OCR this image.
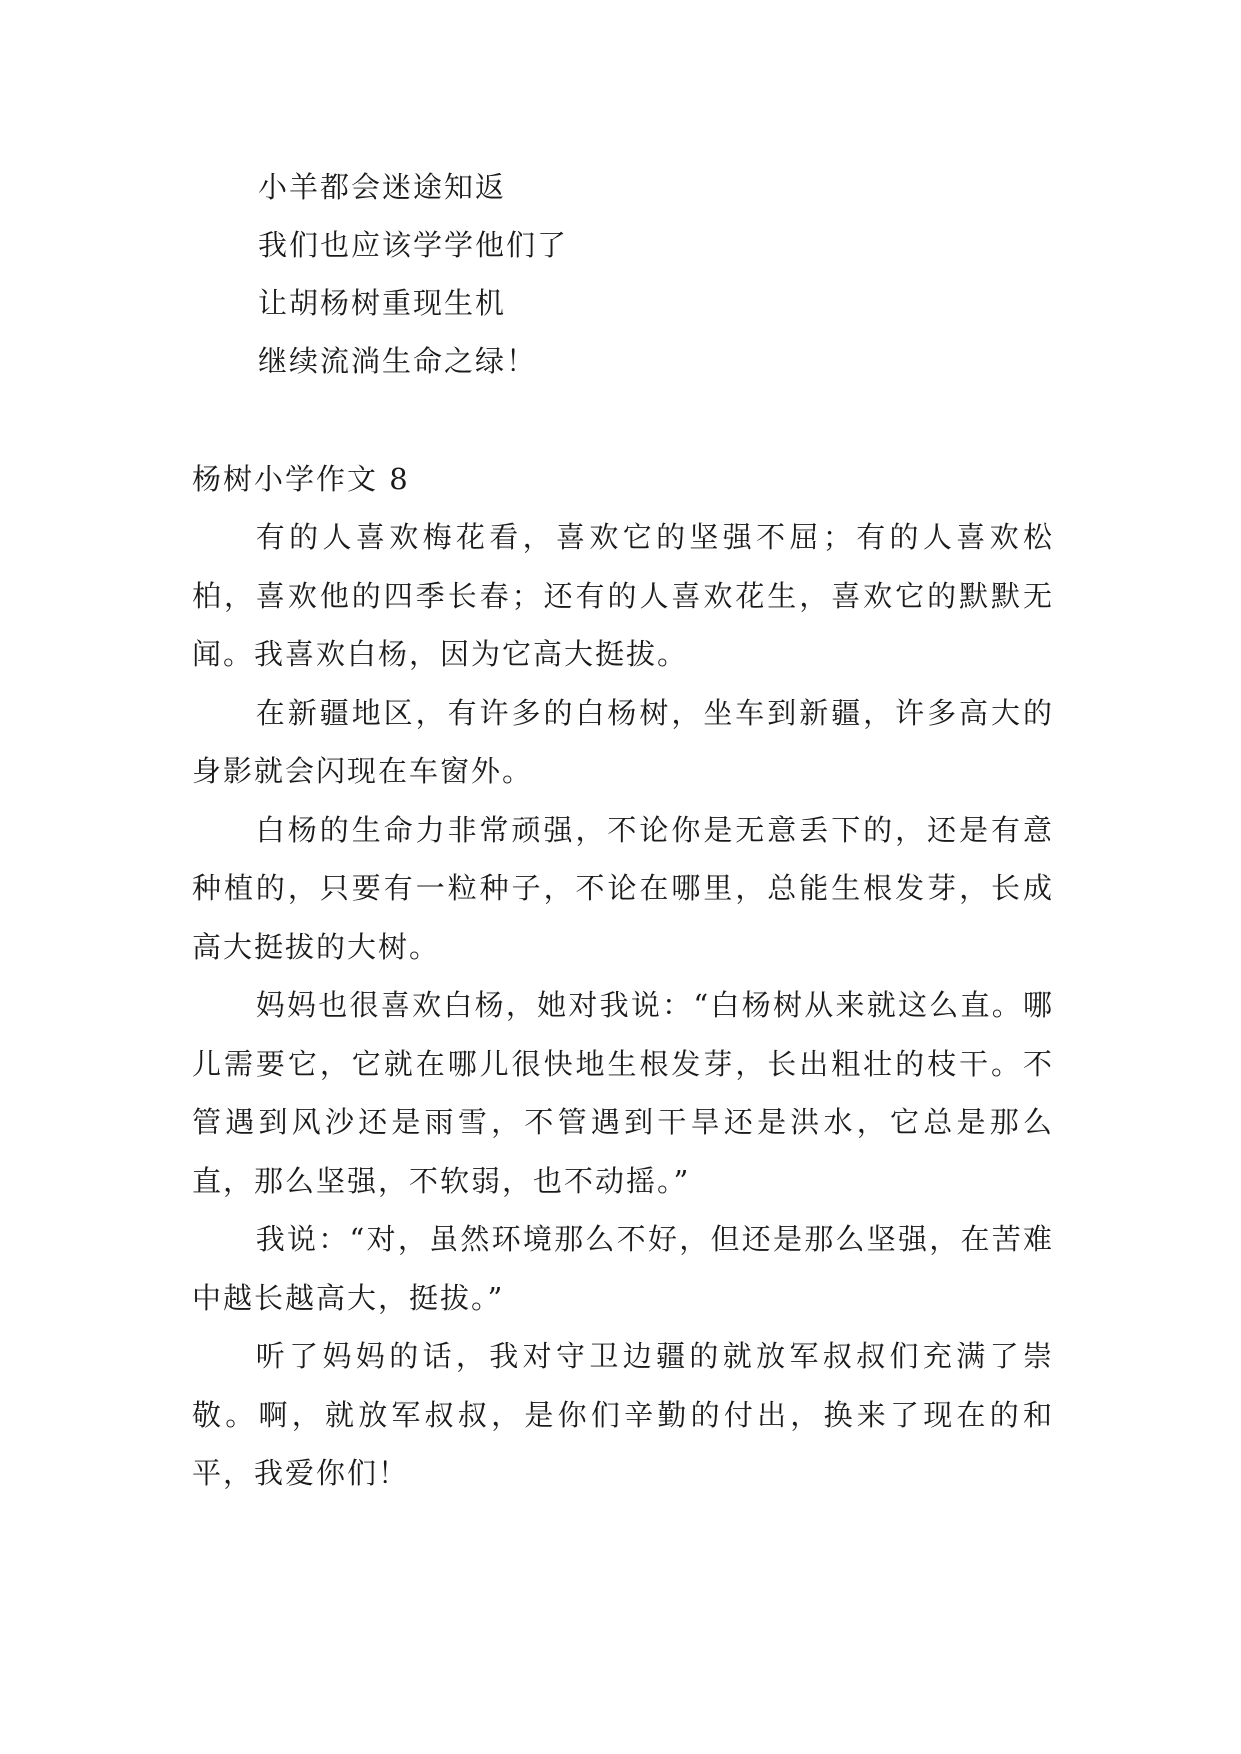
小羊都会迷途知返
我们也应该学学他们了
让胡杨树重现生机
继续流淌生命之绿！
杨树小学作文 8

有的人喜欢梅花看，喜欢它的坚强不屈；有的人喜欢松柏，喜欢他的四季长春；还有的人喜欢花生，喜欢它的默默无闻。我喜欢白杨，因为它高大挺拔。

在新疆地区，有许多的白杨树，坐车到新疆，许多高大的身影就会闪现在车窗外。

白杨的生命力非常顽强，不论你是无意丢下的，还是有意种植的，只要有一粒种子，不论在哪里，总能生根发芽，长成高大挺拔的大树。

妈妈也很喜欢白杨，她对我说：“白杨树从来就这么直。哪儿需要它，它就在哪儿很快地生根发芽，长出粗壮的枝干。不管遇到风沙还是雨雪，不管遇到干旱还是洪水，它总是那么直，那么坚强，不软弱，也不动摇。”

我说：“对，虽然环境那么不好，但还是那么坚强，在苦难中越长越高大，挺拔。”

听了妈妈的话，我对守卫边疆的就放军叔叔们充满了崇敬。啊，就放军叔叔，是你们辛勤的付出，换来了现在的和平，我爱你们！
